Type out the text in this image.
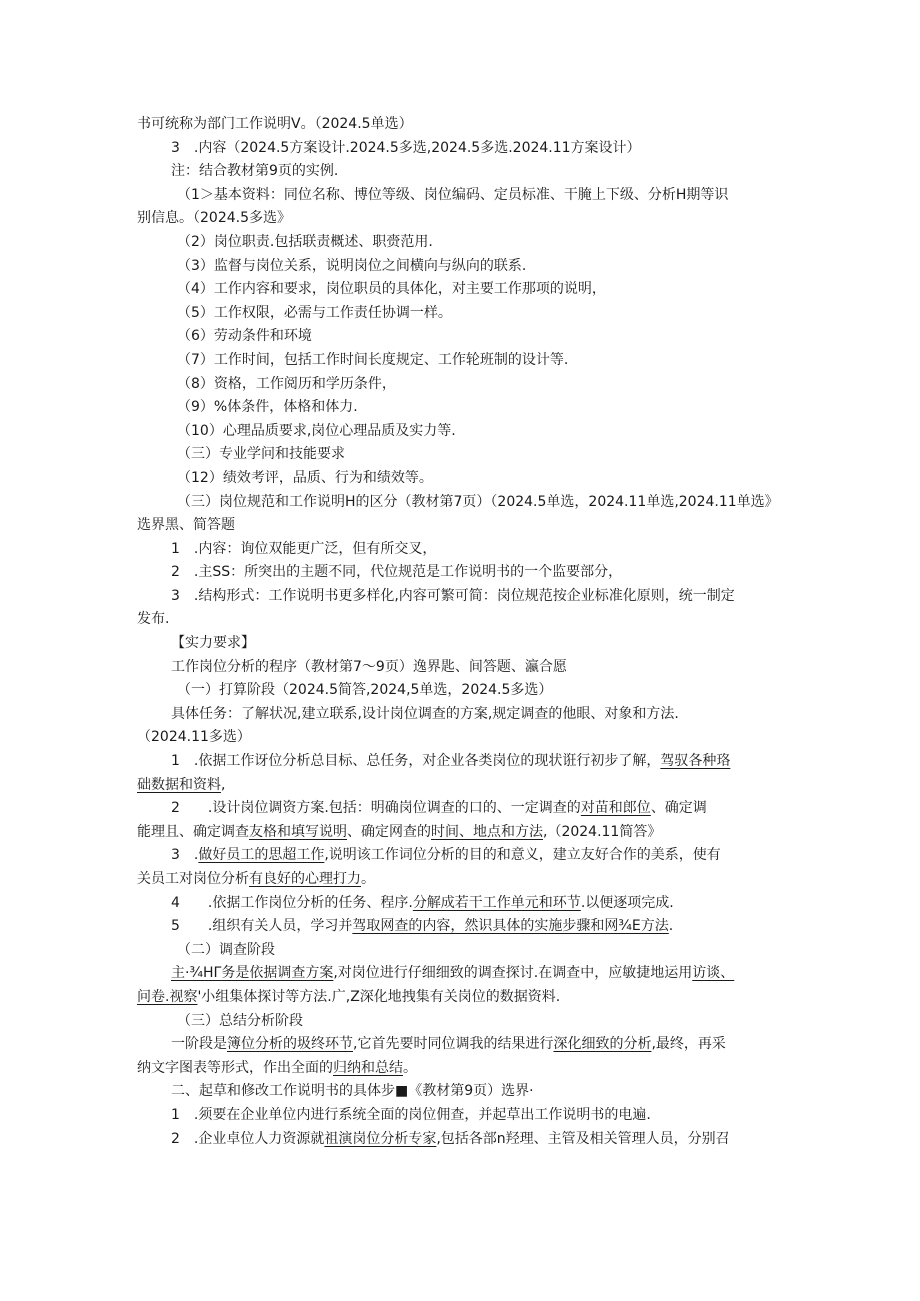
书可统称为部门工作说明V。（2024.5单选）
3　.内容（2024.5方案设计.2024.5多选,2024.5多选.2024.11方案设计）
注：结合教材第9页的实例.
（1＞基本资料：同位名称、博位等级、岗位编码、定员标准、干腌上下级、分析H期等识
别信息。（2024.5多选》
（2）岗位职责.包括联责概述、职赍范用.
（3）监督与岗位关系，说明岗位之间横向与纵向的联系.
（4）工作内容和要求，岗位职员的具体化，对主要工作那项的说明，
（5）工作权限，必需与工作责任协调一样。
（6）劳动条件和环境
（7）工作时间，包括工作时间长度规定、工作轮班制的设计等.
（8）资格，工作阅历和学历条件，
（9）%体条件，体格和体力.
（10）心理品质要求,岗位心理品质及实力等.
（三）专业学问和技能要求
（12）绩效考评，品质、行为和绩效等。
（三）岗位规范和工作说明H的区分（教材第7页）（2024.5单选，2024.11单选,2024.11单选》
选界黑、简答题
1　.内容：询位双能更广泛，但有所交叉，
2　.主SS：所突出的主题不同，代位规范是工作说明书的一个监要部分，
3　.结构形式：工作说明书更多样化,内容可繁可简：岗位规范按企业标准化原则，统一制定
发布.
【实力要求】
工作岗位分析的程序（教材第7〜9页）逸界匙、间答题、瀛合愿
（一）打算阶段（2024.5简答,2024,5单选，2024.5多选）
具体任务：了解状况,建立联系,设计岗位调查的方案,规定调查的他眼、对象和方法.
（2024.11多选）
1　.依据工作讶位分析总目标、总任务，对企业各类岗位的现状诳行初步了解，驾驭各种珞
础数据和资料,
2　　.设计岗位调资方案.包括：明确岗位调查的口的、一定调查的对苗和郎位、确定调
能理且、确定调查友格和填写说明、确定网查的时间、地点和方法,（2024.11简答》
3　.做好员工的思超工作,说明该工作词位分析的目的和意义，建立友好合作的美系，使有
关员工对岗位分析有良好的心理打力。
4　　.依据工作岗位分析的任务、程序.分解成若干工作单元和环节.以便逐项完成.
5　　.组织有关人员，学习并驾取网查的内容，然识具体的实施步骤和网¾E方法.
（二）调查阶段
主·¾HΓ务是依据调查方案,对岗位进行仔细细致的调查探讨.在调查中，应敏捷地运用访谈、
问卷.视察'小组集体探讨等方法.广,Z深化地拽集有关岗位的数据资料.
（三）总结分析阶段
一阶段是簿位分析的圾终环节,它首先要时同位调我的结果进行深化细致的分析,最终，再采
纳文字图表等形式，作出全面的归纳和总结。
二、起草和修改工作说明书的具体步■《教材第9页）选界·
1　.须要在企业单位内进行系统全面的岗位佣查，并起草出工作说明书的电遍.
2　.企业卓位人力资源就祖演岗位分析专家,包括各部n羟理、主管及相关管理人员，分别召
